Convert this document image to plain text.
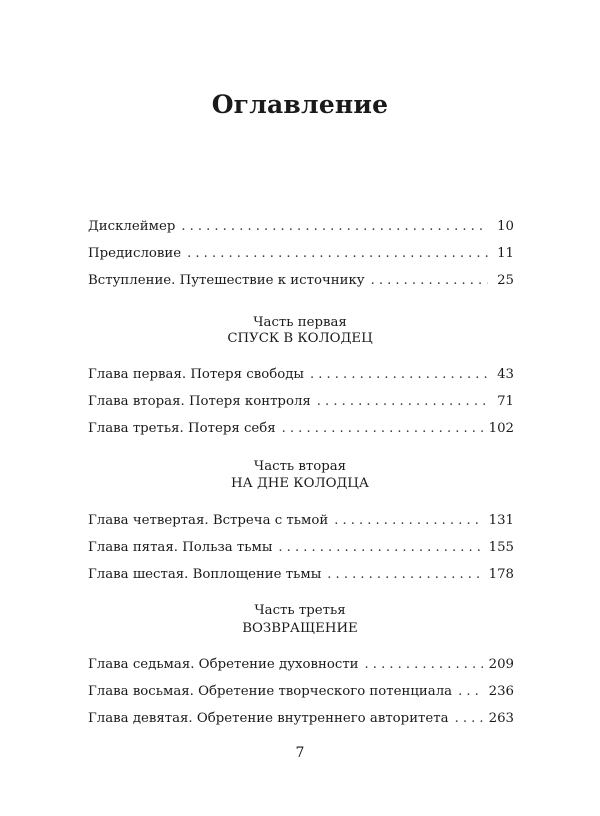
Оглавление
Дисклеймер . . .	10
Предисловие . . .	11
Вступление. Путешествие к источнику . . .	25
Глава первая. Потеря свободы . . .	43
Глава вторая. Потеря контроля . . .	71
Глава третья. Потеря себя . . .	102
Глава четвертая. Встреча с тьмой . . .	131
Глава пятая. Польза тьмы . . .	155
Глава шестая. Воплощение тьмы . . .	178
Глава седьмая. Обретение духовности . . .	209
Глава восьмая. Обретение творческого потенциала . . .	236
Глава девятая. Обретение внутреннего авторитета . . .	263
Часть первая
СПУСК В КОЛОДЕЦ
Часть вторая
НА ДНЕ КОЛОДЦА
Часть третья
ВОЗВРАЩЕНИЕ
7
